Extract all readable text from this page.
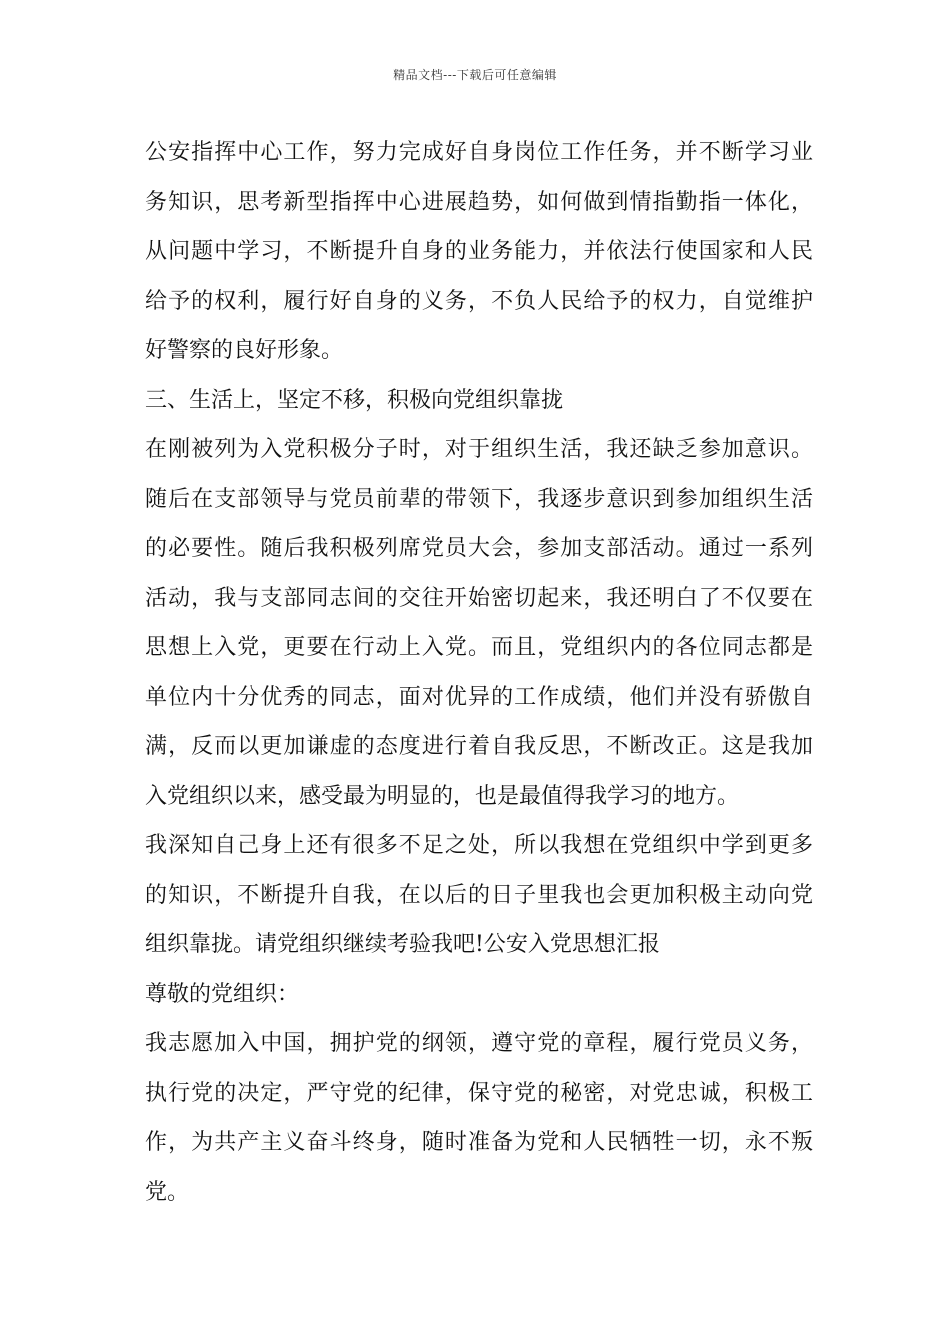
精品文档---下载后可任意编辑
公安指挥中心工作，努力完成好自身岗位工作任务，并不断学习业
务知识，思考新型指挥中心进展趋势，如何做到情指勤指一体化，
从问题中学习，不断提升自身的业务能力，并依法行使国家和人民
给予的权利，履行好自身的义务，不负人民给予的权力，自觉维护
好警察的良好形象。
三、生活上，坚定不移，积极向党组织靠拢
在刚被列为入党积极分子时，对于组织生活，我还缺乏参加意识。
随后在支部领导与党员前辈的带领下，我逐步意识到参加组织生活
的必要性。随后我积极列席党员大会，参加支部活动。通过一系列
活动，我与支部同志间的交往开始密切起来，我还明白了不仅要在
思想上入党，更要在行动上入党。而且，党组织内的各位同志都是
单位内十分优秀的同志，面对优异的工作成绩，他们并没有骄傲自
满，反而以更加谦虚的态度进行着自我反思，不断改正。这是我加
入党组织以来，感受最为明显的，也是最值得我学习的地方。
我深知自己身上还有很多不足之处，所以我想在党组织中学到更多
的知识，不断提升自我，在以后的日子里我也会更加积极主动向党
组织靠拢。请党组织继续考验我吧!公安入党思想汇报
尊敬的党组织：
我志愿加入中国，拥护党的纲领，遵守党的章程，履行党员义务，
执行党的决定，严守党的纪律，保守党的秘密，对党忠诚，积极工
作，为共产主义奋斗终身，随时准备为党和人民牺牲一切，永不叛
党。
